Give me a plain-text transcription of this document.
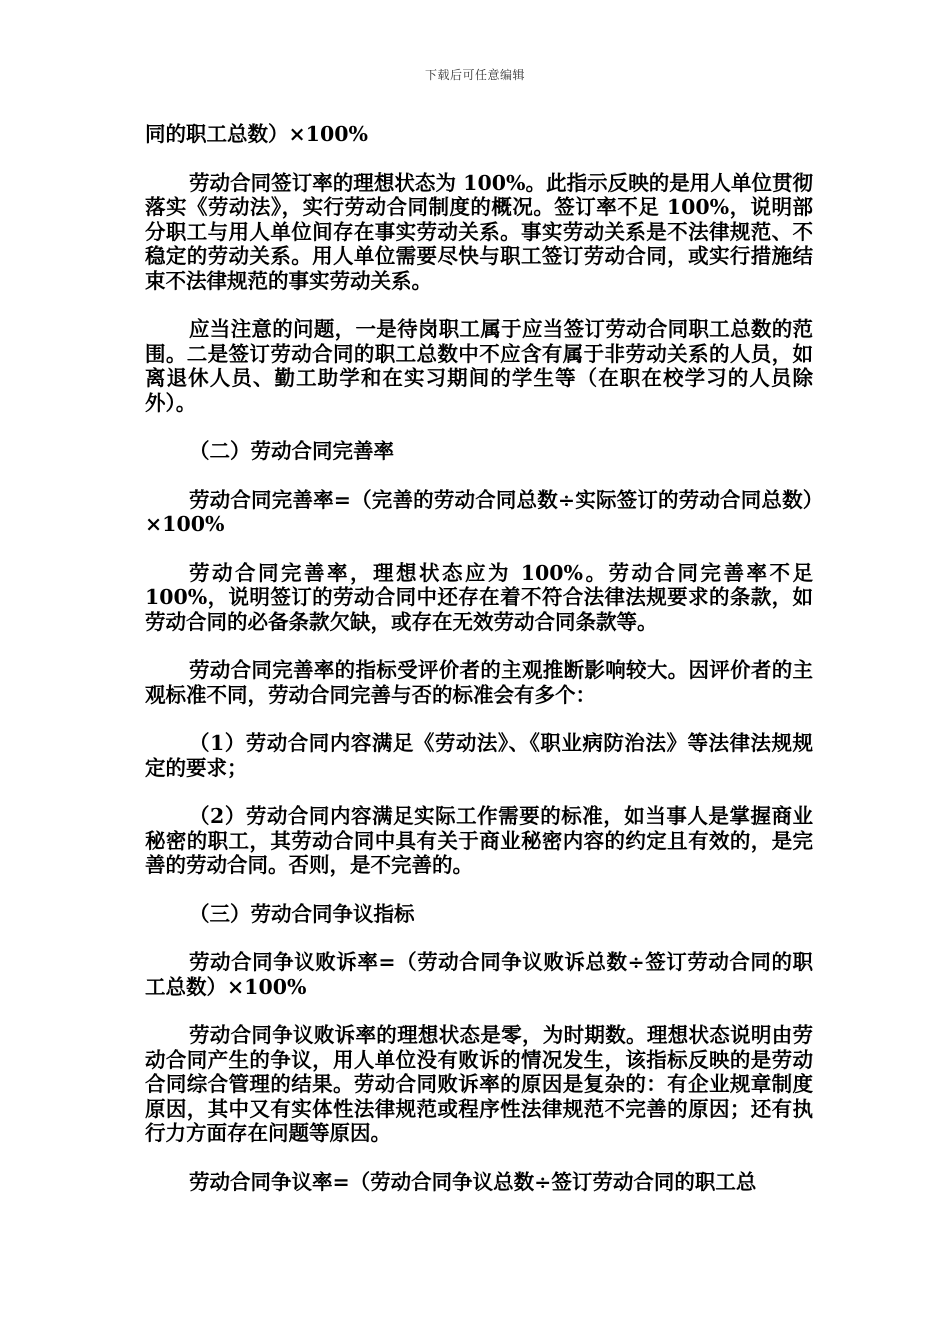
下载后可任意编辑

同的职工总数）×100%

劳动合同签订率的理想状态为 100%。此指示反映的是用人单位贯彻落实《劳动法》，实行劳动合同制度的概况。签订率不足 100%，说明部分职工与用人单位间存在事实劳动关系。事实劳动关系是不法律规范、不稳定的劳动关系。用人单位需要尽快与职工签订劳动合同，或实行措施结束不法律规范的事实劳动关系。

应当注意的问题，一是待岗职工属于应当签订劳动合同职工总数的范围。二是签订劳动合同的职工总数中不应含有属于非劳动关系的人员，如离退休人员、勤工助学和在实习期间的学生等（在职在校学习的人员除外）。

（二）劳动合同完善率

劳动合同完善率=（完善的劳动合同总数÷实际签订的劳动合同总数）×100%

劳动合同完善率，理想状态应为 100%。劳动合同完善率不足 100%，说明签订的劳动合同中还存在着不符合法律法规要求的条款，如劳动合同的必备条款欠缺，或存在无效劳动合同条款等。

劳动合同完善率的指标受评价者的主观推断影响较大。因评价者的主观标准不同，劳动合同完善与否的标准会有多个：

（1）劳动合同内容满足《劳动法》、《职业病防治法》等法律法规规定的要求；

（2）劳动合同内容满足实际工作需要的标准，如当事人是掌握商业秘密的职工，其劳动合同中具有关于商业秘密内容的约定且有效的，是完善的劳动合同。否则，是不完善的。

（三）劳动合同争议指标

劳动合同争议败诉率=（劳动合同争议败诉总数÷签订劳动合同的职工总数）×100%

劳动合同争议败诉率的理想状态是零，为时期数。理想状态说明由劳动合同产生的争议，用人单位没有败诉的情况发生，该指标反映的是劳动合同综合管理的结果。劳动合同败诉率的原因是复杂的：有企业规章制度原因，其中又有实体性法律规范或程序性法律规范不完善的原因；还有执行力方面存在问题等原因。

劳动合同争议率=（劳动合同争议总数÷签订劳动合同的职工总
